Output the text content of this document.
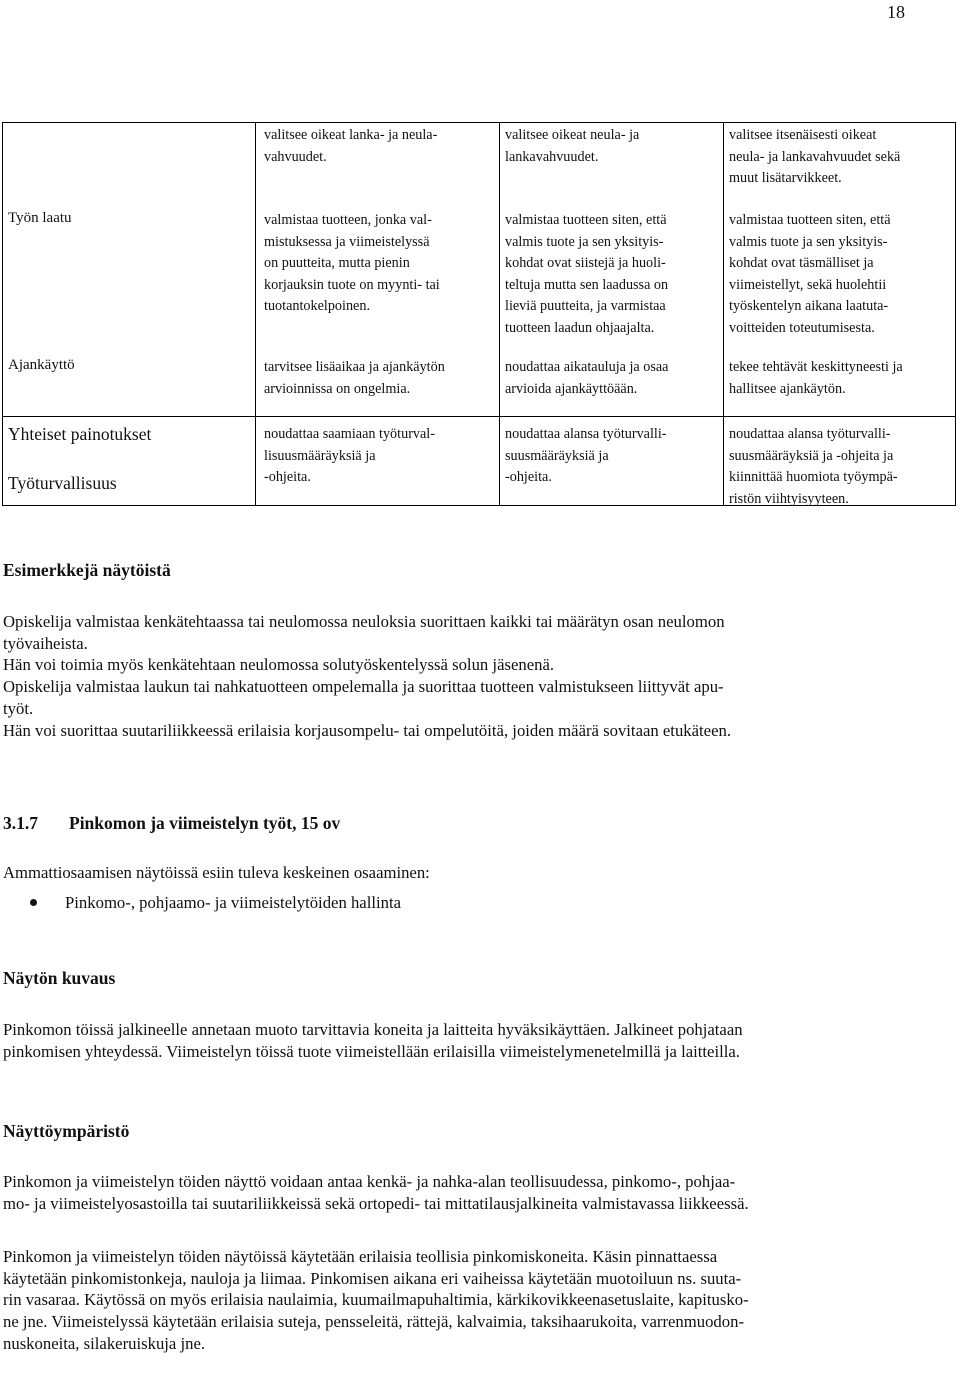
18
valitsee oikeat lanka- ja neula-
vahvuudet.
valitsee oikeat neula- ja
lankavahvuudet.
valitsee itsenäisesti oikeat
neula- ja lankavahvuudet sekä
muut lisätarvikkeet.
Työn laatu	valmistaa tuotteen, jonka val-
mistuksessa ja viimeistelyssä
on puutteita, mutta pienin
korjauksin tuote on myynti- tai
tuotantokelpoinen.
valmistaa tuotteen siten, että
valmis tuote ja sen yksityis-
kohdat ovat siistejä ja huoli-
teltuja mutta sen laadussa on
lieviä puutteita, ja varmistaa
tuotteen laadun ohjaajalta.
valmistaa tuotteen siten, että
valmis tuote ja sen yksityis-
kohdat ovat täsmälliset ja
viimeistellyt, sekä huolehtii
työskentelyn aikana laatuta-
voitteiden toteutumisesta.
Ajankäyttö	tarvitsee lisäaikaa ja ajankäytön
arvioinnissa on ongelmia.
noudattaa aikatauluja ja osaa
arvioida ajankäyttöään.
tekee tehtävät keskittyneesti ja
hallitsee ajankäytön.
Yhteiset painotukset
Työturvallisuus
noudattaa saamiaan työturval-
lisuusmääräyksiä ja
-ohjeita.
noudattaa alansa työturvalli-
suusmääräyksiä ja
-ohjeita.
noudattaa alansa työturvalli-
suusmääräyksiä ja -ohjeita ja
kiinnittää huomiota työympä-
ristön viihtyisyyteen.
Esimerkkejä näytöistä
Opiskelija valmistaa kenkätehtaassa tai neulomossa neuloksia suorittaen kaikki tai määrätyn osan neulomon
työvaiheista.
Hän voi toimia myös kenkätehtaan neulomossa solutyöskentelyssä solun jäsenenä.
Opiskelija valmistaa laukun tai nahkatuotteen ompelemalla ja suorittaa tuotteen valmistukseen liittyvät apu-
työt.
Hän voi suorittaa suutariliikkeessä erilaisia korjausompelu- tai ompelutöitä, joiden määrä sovitaan etukäteen.
3.1.7 Pinkomon ja viimeistelyn työt, 15 ov
Ammattiosaamisen näytöissä esiin tuleva keskeinen osaaminen:
Pinkomo-, pohjaamo- ja viimeistelytöiden hallinta
Näytön kuvaus
Pinkomon töissä jalkineelle annetaan muoto tarvittavia koneita ja laitteita hyväksikäyttäen. Jalkineet pohjataan
pinkomisen yhteydessä. Viimeistelyn töissä tuote viimeistellään erilaisilla viimeistelymenetelmillä ja laitteilla.
Näyttöympäristö
Pinkomon ja viimeistelyn töiden näyttö voidaan antaa kenkä- ja nahka-alan teollisuudessa, pinkomo-, pohjaa-
mo- ja viimeistelyosastoilla tai suutariliikkeissä sekä ortopedi- tai mittatilausjalkineita valmistavassa liikkeessä.
Pinkomon ja viimeistelyn töiden näytöissä käytetään erilaisia teollisia pinkomiskoneita. Käsin pinnattaessa
käytetään pinkomistonkeja, nauloja ja liimaa. Pinkomisen aikana eri vaiheissa käytetään muotoiluun ns. suuta-
rin vasaraa. Käytössä on myös erilaisia naulaimia, kuumailmapuhaltimia, kärkikovikkeenasetuslaite, kapitusko-
ne jne. Viimeistelyssä käytetään erilaisia suteja, pensseleitä, rättejä, kalvaimia, taksihaarukoita, varrenmuodon-
nuskoneita, silakeruiskuja jne.
